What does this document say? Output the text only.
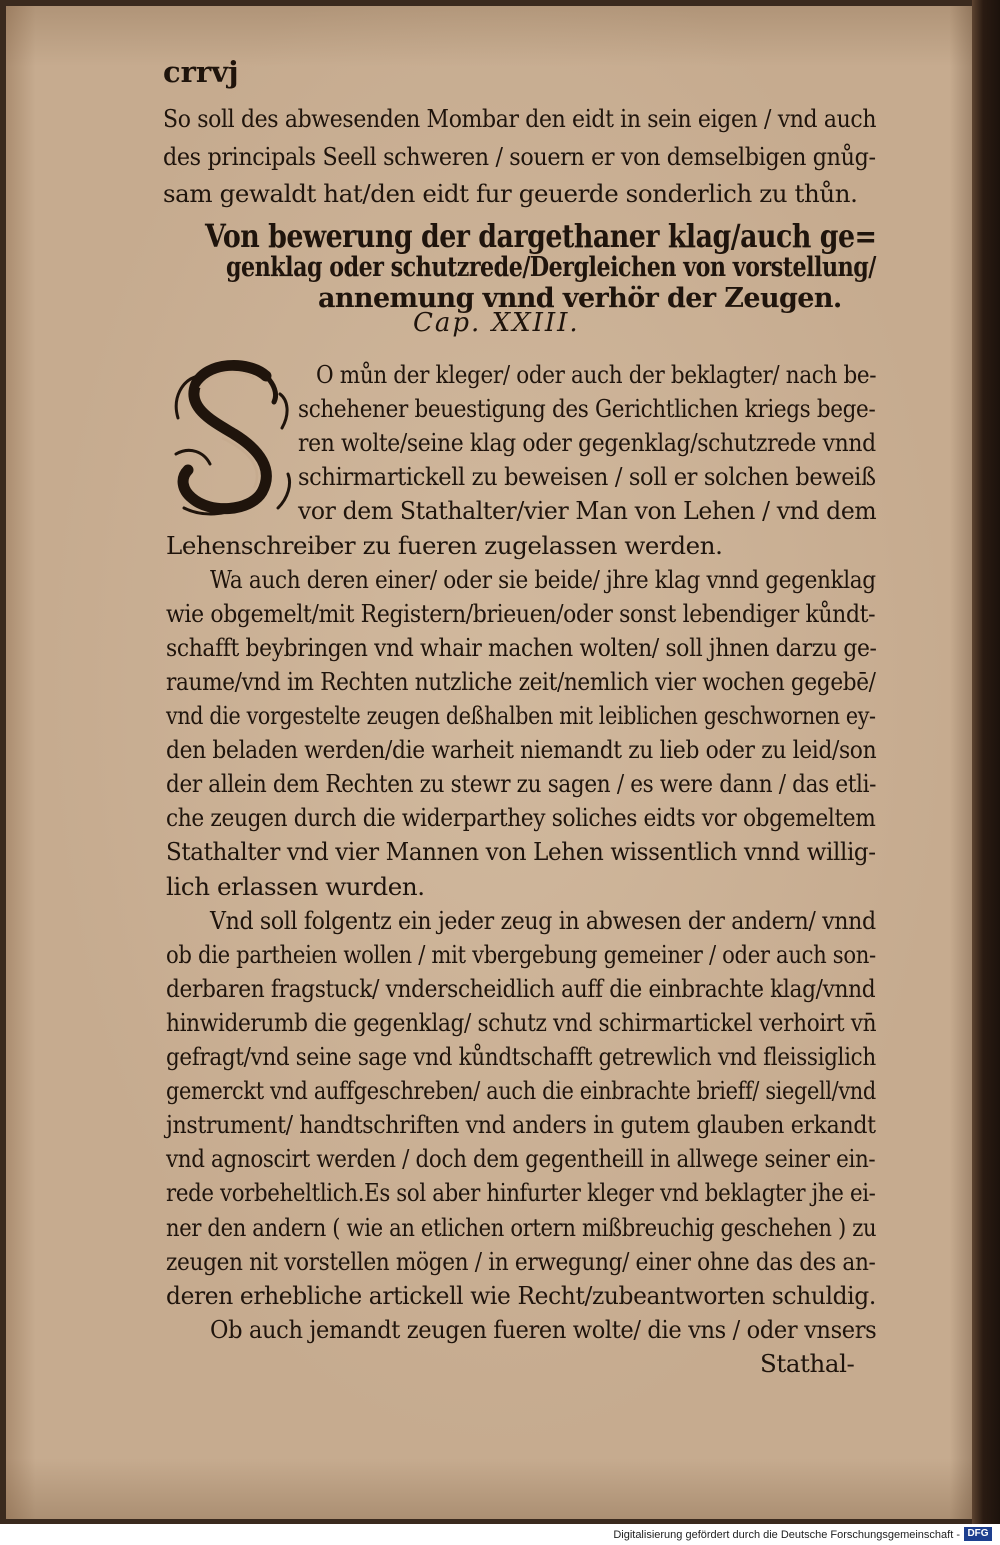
crrvj
So soll des abwesenden Mombar den eidt in sein eigen / vnd auch
des principals Seell schweren / souern er von demselbigen gnůg-
sam gewaldt hat/den eidt fur geuerde sonderlich zu thůn.
Von bewerung der dargethaner klag/auch ge=
genklag oder schutzrede/Dergleichen von vorstellung/
annemung vnnd verhör der Zeugen.
Cap. XXIII.
O můn der kleger/ oder auch der beklagter/ nach be-
schehener beuestigung des Gerichtlichen kriegs bege-
ren wolte/seine klag oder gegenklag/schutzrede vnnd
schirmartickell zu beweisen / soll er solchen beweiß
vor dem Stathalter/vier Man von Lehen / vnd dem
Lehenschreiber zu fueren zugelassen werden.
Wa auch deren einer/ oder sie beide/ jhre klag vnnd gegenklag
wie obgemelt/mit Registern/brieuen/oder sonst lebendiger kůndt-
schafft beybringen vnd whair machen wolten/ soll jhnen darzu ge-
raume/vnd im Rechten nutzliche zeit/nemlich vier wochen gegebē/
vnd die vorgestelte zeugen deßhalben mit leiblichen geschwornen ey-
den beladen werden/die warheit niemandt zu lieb oder zu leid/son
der allein dem Rechten zu stewr zu sagen / es were dann / das etli-
che zeugen durch die widerparthey soliches eidts vor obgemeltem
Stathalter vnd vier Mannen von Lehen wissentlich vnnd willig-
lich erlassen wurden.
Vnd soll folgentz ein jeder zeug in abwesen der andern/ vnnd
ob die partheien wollen / mit vbergebung gemeiner / oder auch son-
derbaren fragstuck/ vnderscheidlich auff die einbrachte klag/vnnd
hinwiderumb die gegenklag/ schutz vnd schirmartickel verhoirt vn̄
gefragt/vnd seine sage vnd kůndtschafft getrewlich vnd fleissiglich
gemerckt vnd auffgeschreben/ auch die einbrachte brieff/ siegell/vnd
jnstrument/ handtschriften vnd anders in gutem glauben erkandt
vnd agnoscirt werden / doch dem gegentheill in allwege seiner ein-
rede vorbeheltlich.Es sol aber hinfurter kleger vnd beklagter jhe ei-
ner den andern ( wie an etlichen ortern mißbreuchig geschehen ) zu
zeugen nit vorstellen mögen / in erwegung/ einer ohne das des an-
deren erhebliche artickell wie Recht/zubeantworten schuldig.
Ob auch jemandt zeugen fueren wolte/ die vns / oder vnsers
Stathal-
Digitalisierung gefördert durch die Deutsche Forschungsgemeinschaft - DFG
